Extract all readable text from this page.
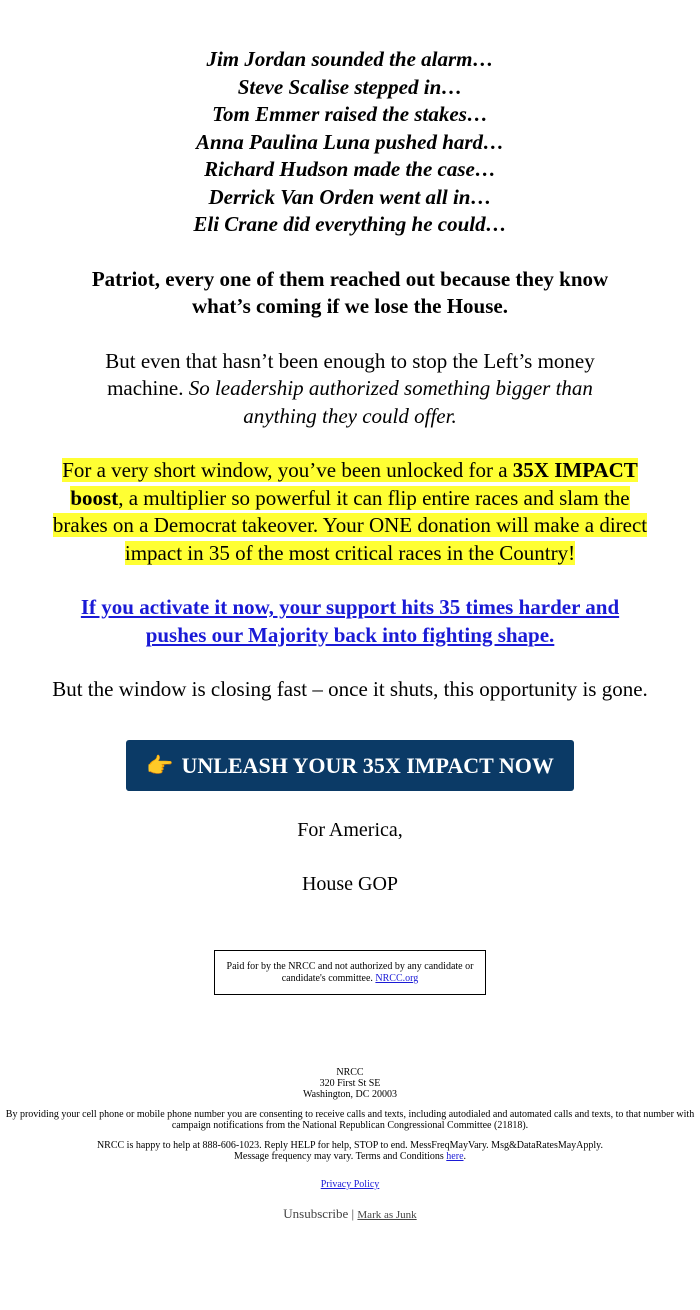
Jim Jordan sounded the alarm…

Steve Scalise stepped in…

Tom Emmer raised the stakes…

Anna Paulina Luna pushed hard…

Richard Hudson made the case…

Derrick Van Orden went all in…

Eli Crane did everything he could…

Patriot, every one of them reached out because they know what’s coming if we lose the House.

But even that hasn’t been enough to stop the Left’s money machine. So leadership authorized something bigger than anything they could offer.

For a very short window, you’ve been unlocked for a 35X IMPACT boost, a multiplier so powerful it can flip entire races and slam the brakes on a Democrat takeover. Your ONE donation will make a direct impact in 35 of the most critical races in the Country!

If you activate it now, your support hits 35 times harder and pushes our Majority back into fighting shape.

But the window is closing fast – once it shuts, this opportunity is gone.

👉 UNLEASH YOUR 35X IMPACT NOW

For America,

House GOP

Paid for by the NRCC and not authorized by any candidate or candidate's committee. NRCC.org
NRCC
320 First St SE
Washington, DC 20003

By providing your cell phone or mobile phone number you are consenting to receive calls and texts, including autodialed and automated calls and texts, to that number with campaign notifications from the National Republican Congressional Committee (21818).

NRCC is happy to help at 888-606-1023. Reply HELP for help, STOP to end. MessFreqMayVary. Msg&DataRatesMayApply. Message frequency may vary. Terms and Conditions here.

Privacy Policy

Unsubscribe | Mark as Junk
